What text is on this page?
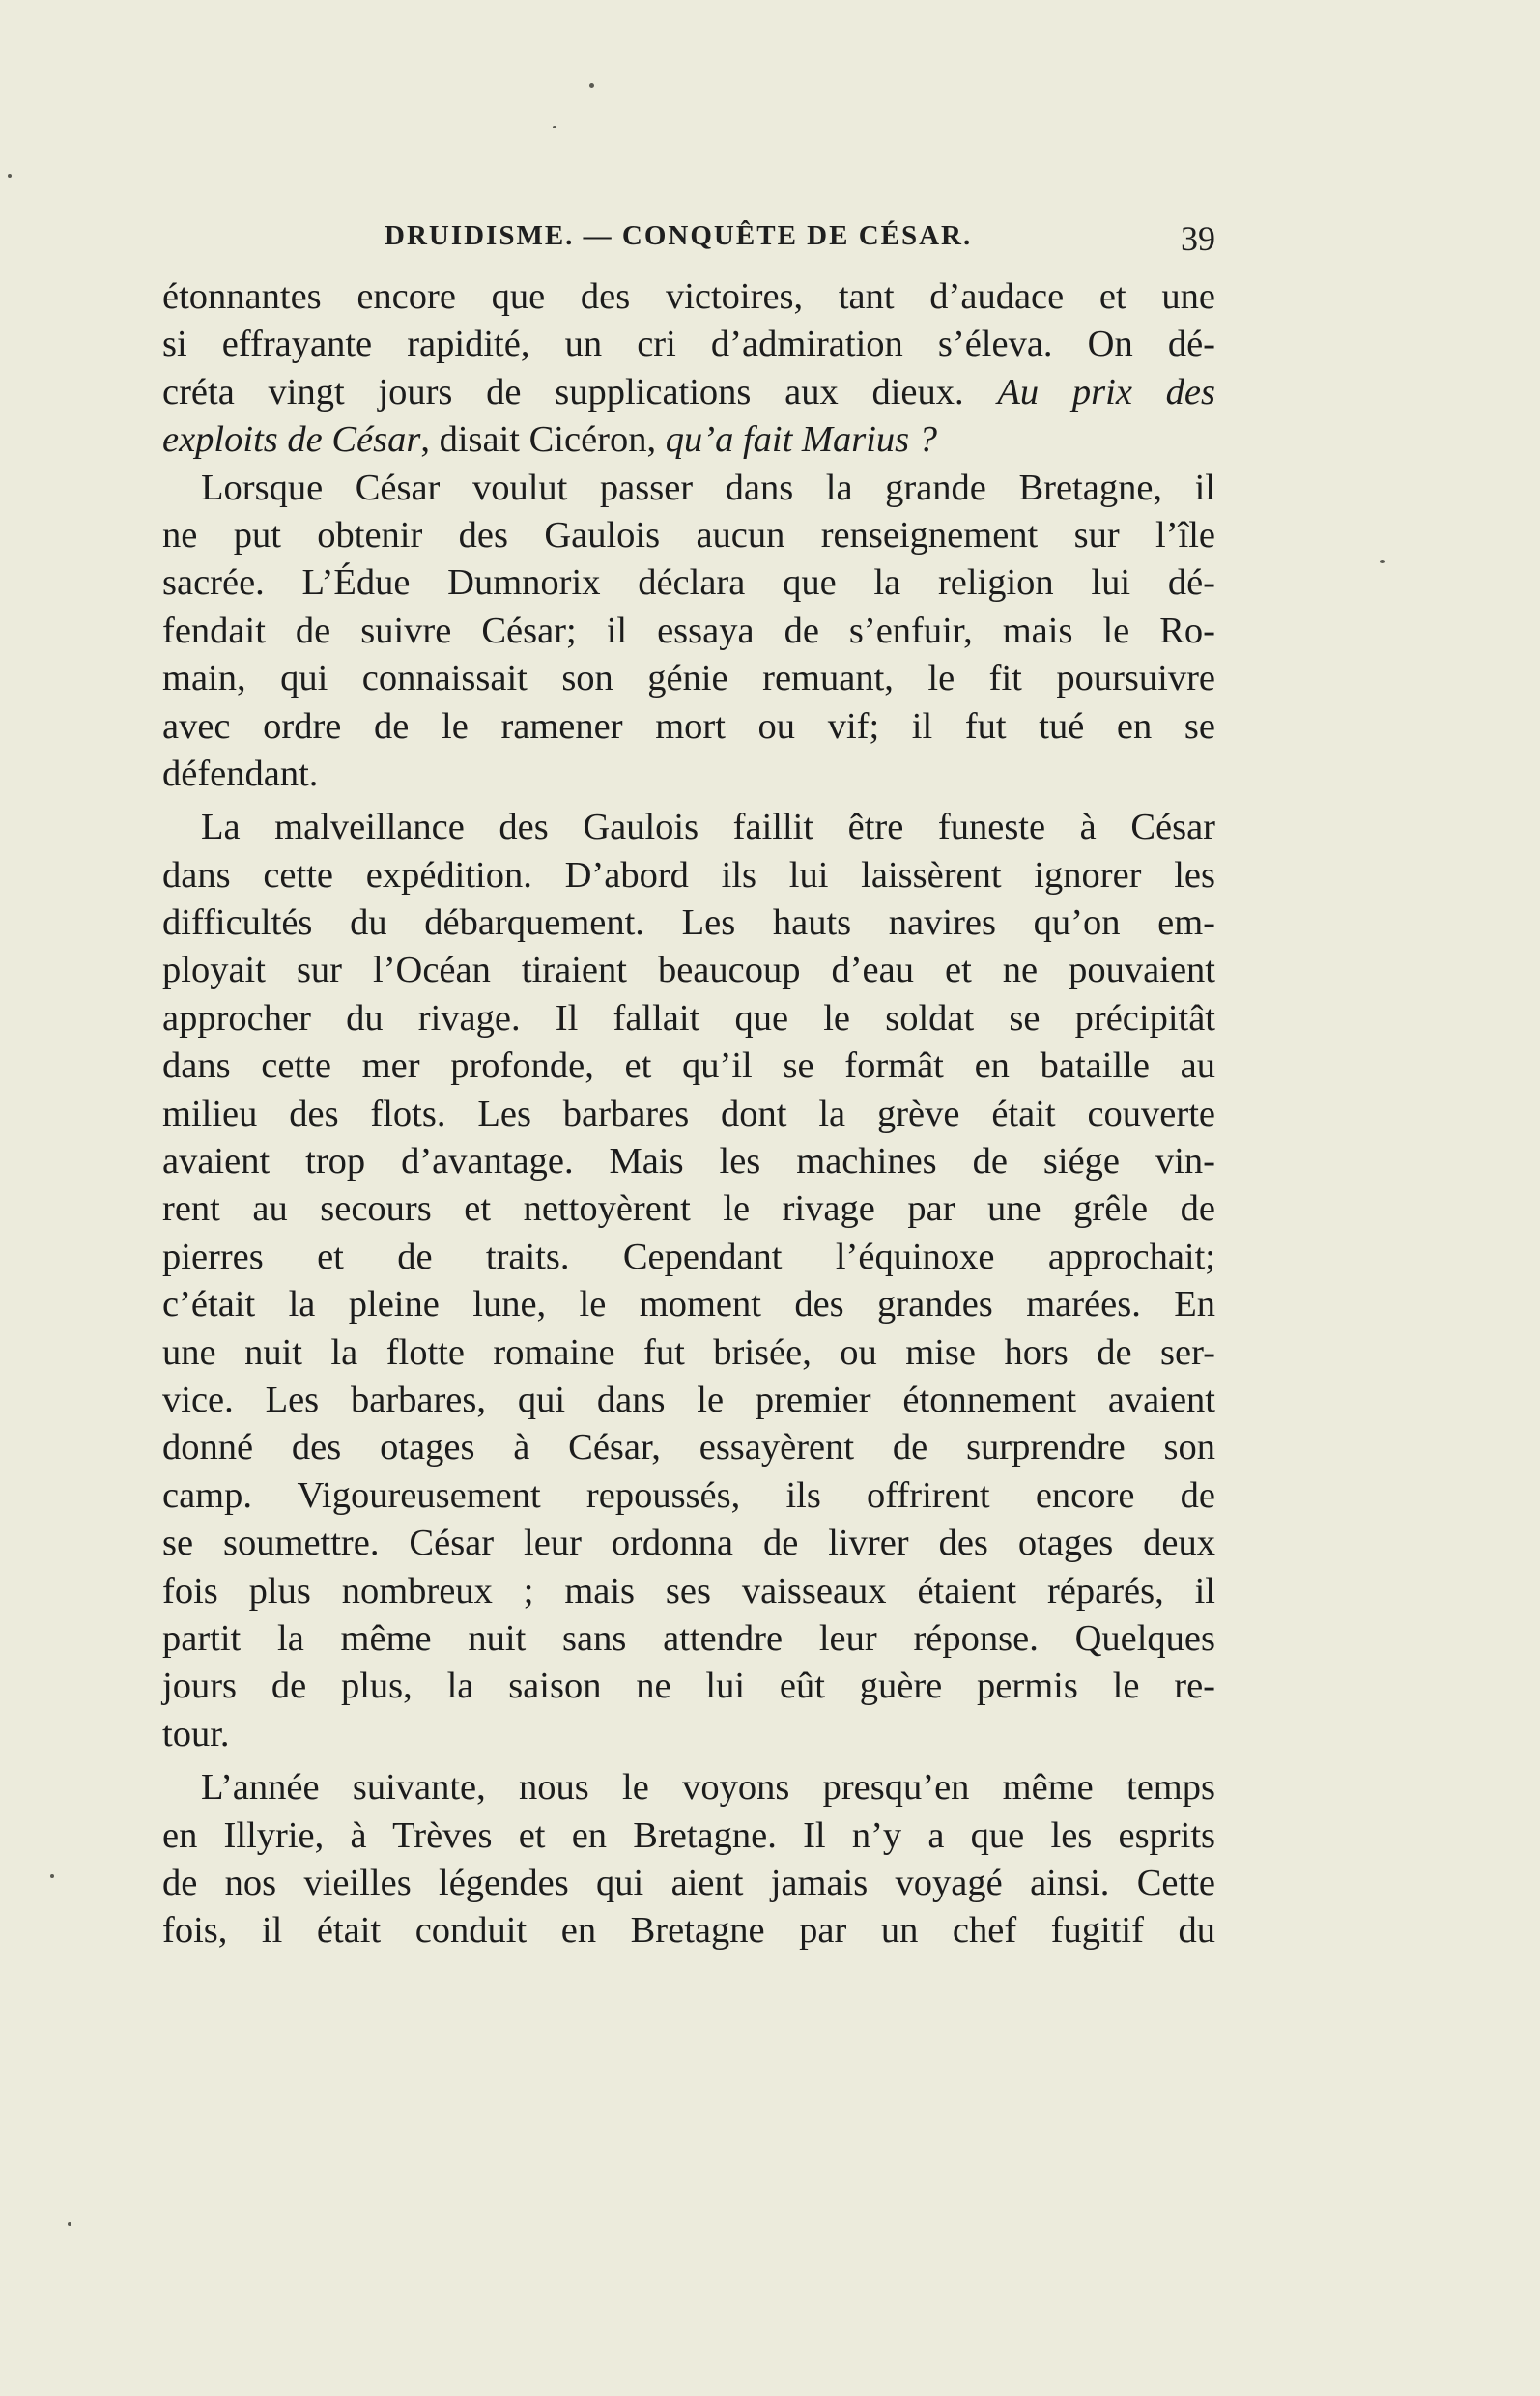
DRUIDISME. — CONQUÊTE DE CÉSAR.	39
étonnantes encore que des victoires, tant d’audace et une
si effrayante rapidité, un cri d’admiration s’éleva. On dé-
créta vingt jours de supplications aux dieux. Au prix des
exploits de César, disait Cicéron, qu’a fait Marius ?
Lorsque César voulut passer dans la grande Bretagne, il
ne put obtenir des Gaulois aucun renseignement sur l’île
sacrée. L’Édue Dumnorix déclara que la religion lui dé-
fendait de suivre César; il essaya de s’enfuir, mais le Ro-
main, qui connaissait son génie remuant, le fit poursuivre
avec ordre de le ramener mort ou vif; il fut tué en se
défendant.
La malveillance des Gaulois faillit être funeste à César
dans cette expédition. D’abord ils lui laissèrent ignorer les
difficultés du débarquement. Les hauts navires qu’on em-
ployait sur l’Océan tiraient beaucoup d’eau et ne pouvaient
approcher du rivage. Il fallait que le soldat se précipitât
dans cette mer profonde, et qu’il se formât en bataille au
milieu des flots. Les barbares dont la grève était couverte
avaient trop d’avantage. Mais les machines de siége vin-
rent au secours et nettoyèrent le rivage par une grêle de
pierres et de traits. Cependant l’équinoxe approchait;
c’était la pleine lune, le moment des grandes marées. En
une nuit la flotte romaine fut brisée, ou mise hors de ser-
vice. Les barbares, qui dans le premier étonnement avaient
donné des otages à César, essayèrent de surprendre son
camp. Vigoureusement repoussés, ils offrirent encore de
se soumettre. César leur ordonna de livrer des otages deux
fois plus nombreux ; mais ses vaisseaux étaient réparés, il
partit la même nuit sans attendre leur réponse. Quelques
jours de plus, la saison ne lui eût guère permis le re-
tour.
L’année suivante, nous le voyons presqu’en même temps
en Illyrie, à Trèves et en Bretagne. Il n’y a que les esprits
de nos vieilles légendes qui aient jamais voyagé ainsi. Cette
fois, il était conduit en Bretagne par un chef fugitif du
